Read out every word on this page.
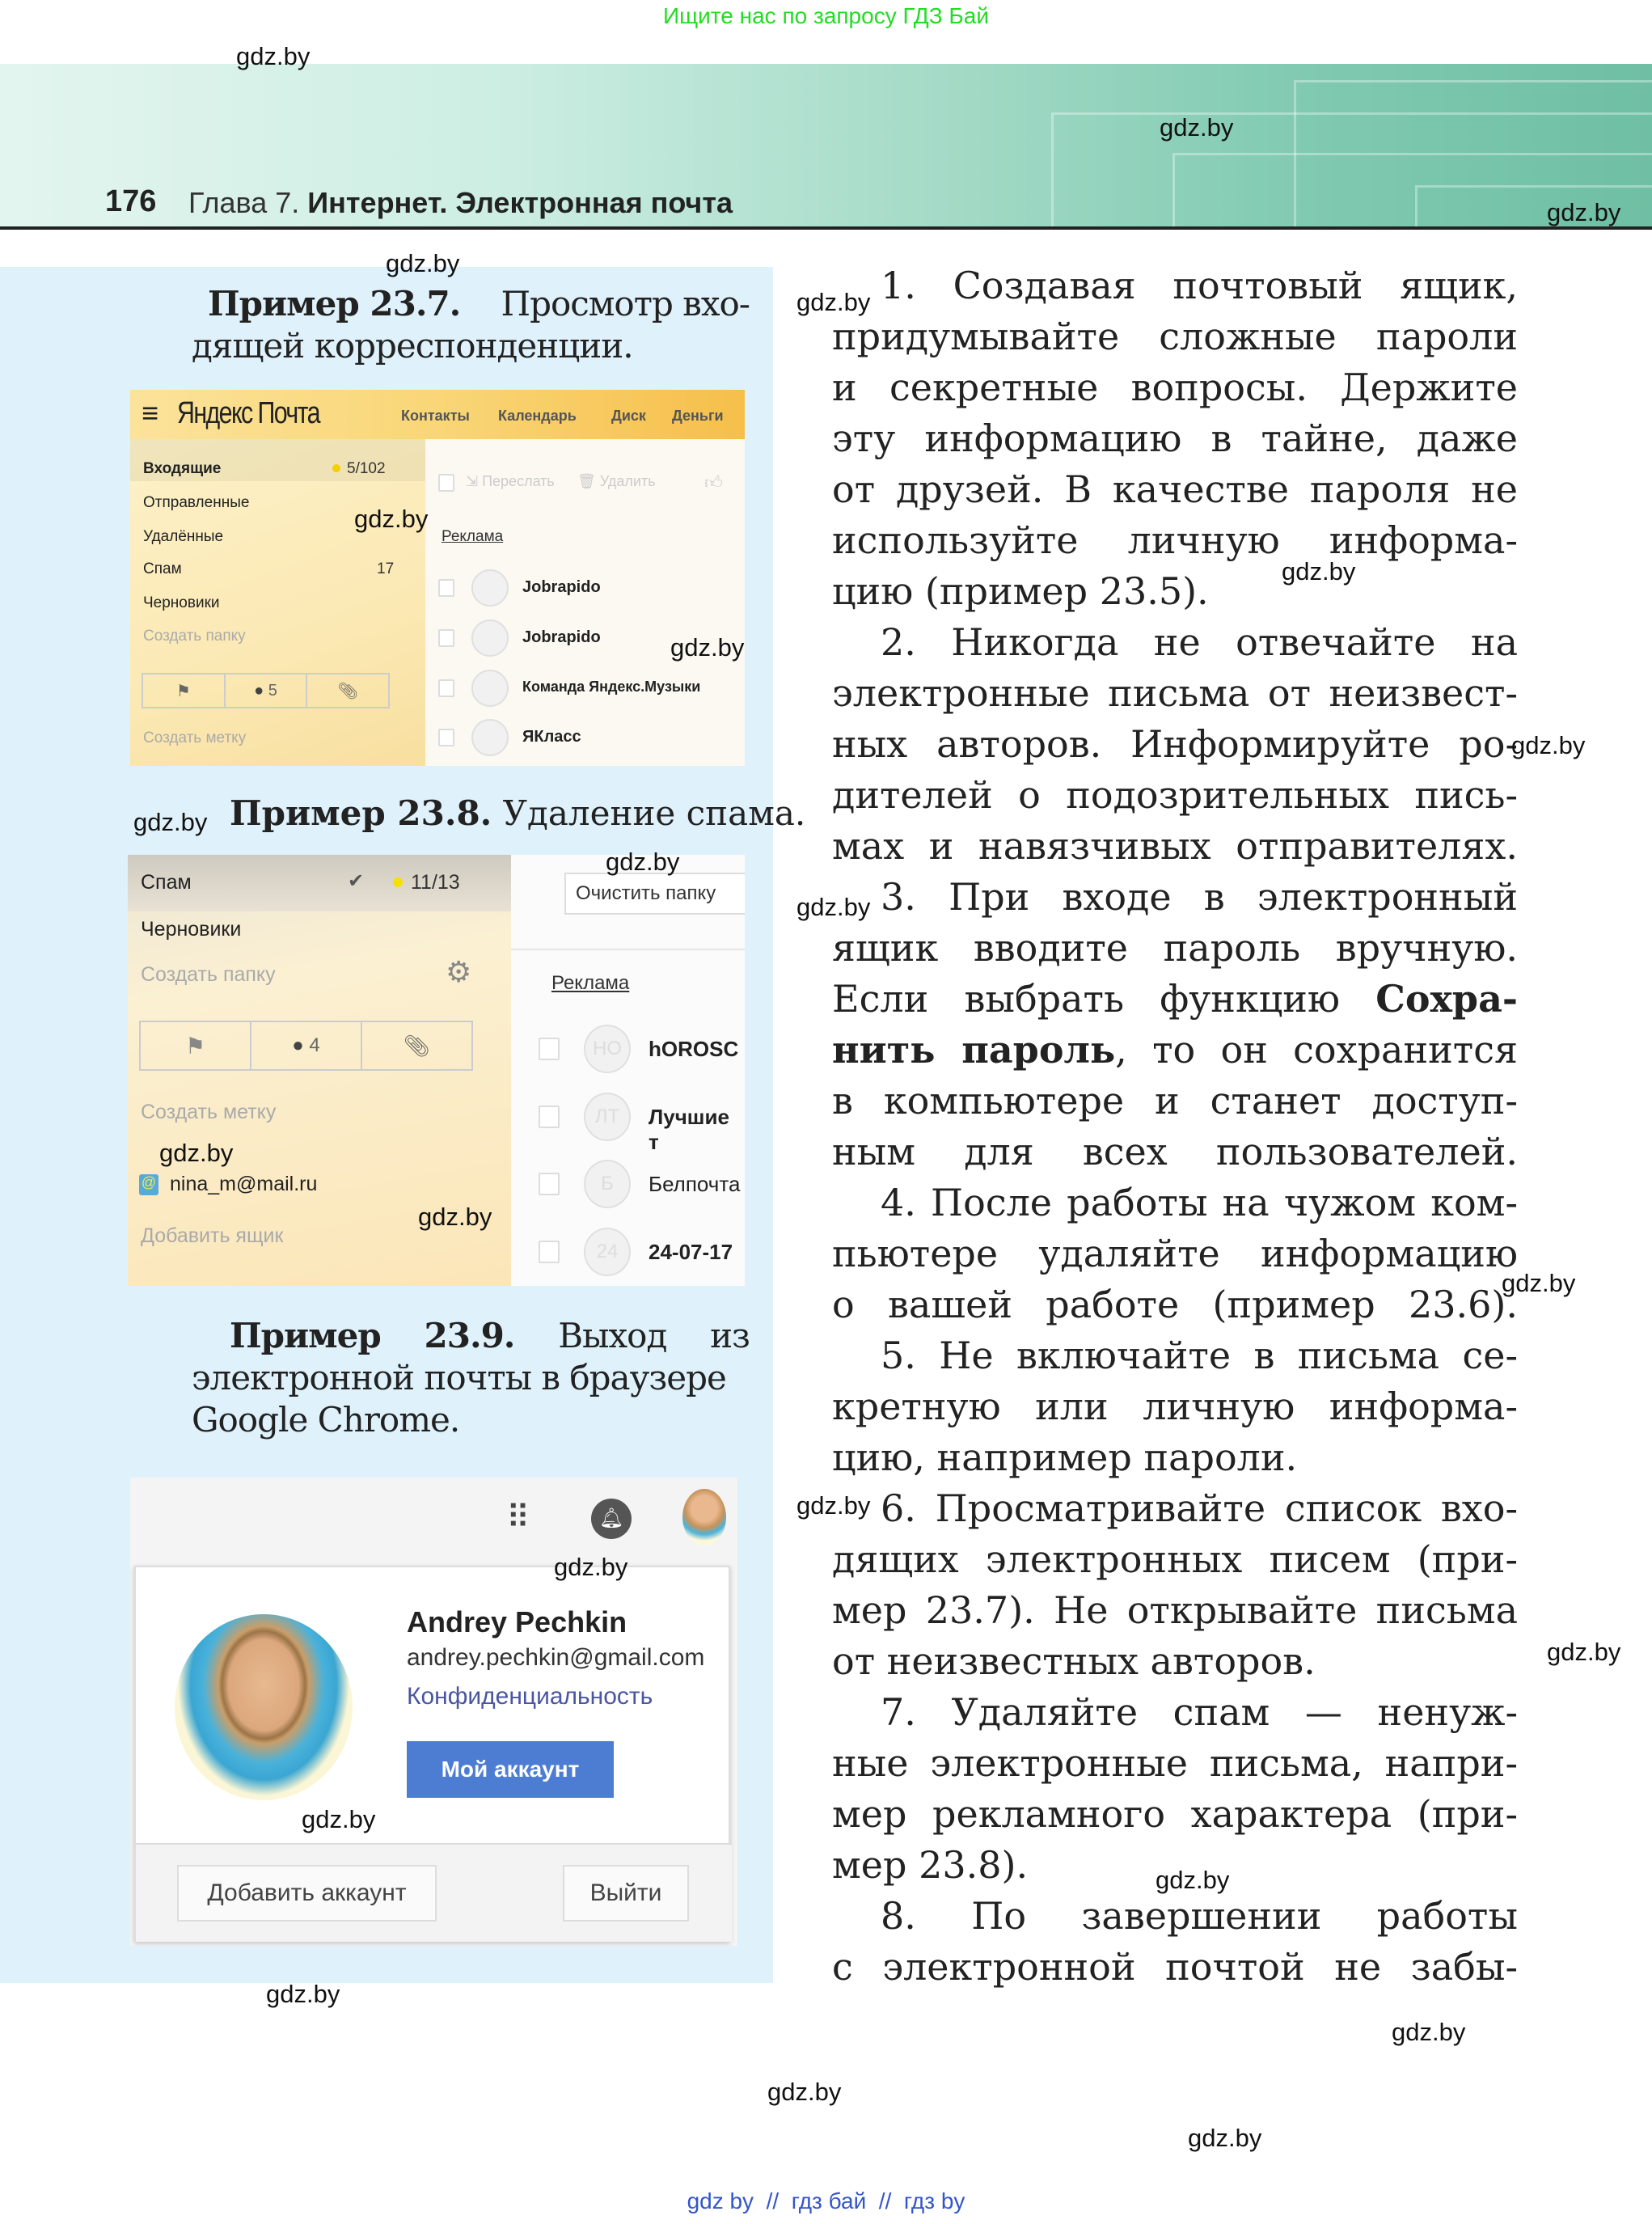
Ищите нас по запросу ГДЗ Бай
176 Глава 7. Интернет. Электронная почта
Пример 23.7. Просмотр вхо-
дящей корреспонденции.
≡ Яндекс Почта	Контакты Календарь Диск Деньги
Входящие	5/102
Отправленные
Удалённые
Спам	17
Черновики
Создать папку
⚑	●
5	📎︎
Создать метку
⇲ Переслать 🗑︎ Удалить	👍︎
Реклама
Jobrapido
Jobrapido
Команда Яндекс.Музыки
ЯКласс
Пример 23.8. Удаление спама.
Спам	✔ 11/13
Черновики
Создать папку	⚙
⚑	●
4	📎︎
Создать метку
@ nina_m@mail.ru
Добавить ящик
Очистить папку
Реклама
HO	hOROSC
ЛТ	Лучшие т
Б	Белпочта
24	24-07-17
Пример 23.9. Выход из
электронной почты в браузере
Google Chrome.
⠿	🔔︎
Andrey Pechkin
andrey.pechkin@gmail.com
Конфиденциальность
Мой аккаунт
Добавить аккаунт	Выйти
1. Создавая почтовый ящик,
придумывайте сложные пароли
и секретные вопросы. Держите
эту информацию в тайне, даже
от друзей. В качестве пароля не
используйте личную информа-
цию (пример 23.5).
2. Никогда не отвечайте на
электронные письма от неизвест-
ных авторов. Информируйте ро-
дителей о подозрительных пись-
мах и навязчивых отправителях.
3. При входе в электронный
ящик вводите пароль вручную.
Если выбрать функцию Сохра-
нить пароль, то он сохранится
в компьютере и станет доступ-
ным для всех пользователей.
4. После работы на чужом ком-
пьютере удаляйте информацию
о вашей работе (пример 23.6).
5. Не включайте в письма се-
кретную или личную информа-
цию, например пароли.
6. Просматривайте список вхо-
дящих электронных писем (при-
мер 23.7). Не открывайте письма
от неизвестных авторов.
7. Удаляйте спам — ненуж-
ные электронные письма, напри-
мер рекламного характера (при-
мер 23.8).
8. По завершении работы
с электронной почтой не забы-
gdz.by
gdz.by
gdz.by
gdz.by
gdz.by
gdz.by
gdz.by
gdz.by
gdz.by
gdz.by
gdz.by
gdz.by
gdz.by
gdz.by
gdz.by
gdz.by
gdz.by
gdz.by
gdz.by
gdz.by
gdz.by
gdz.by
gdz.by
gdz.by
gdz by  //  гдз бай  //  гдз by
